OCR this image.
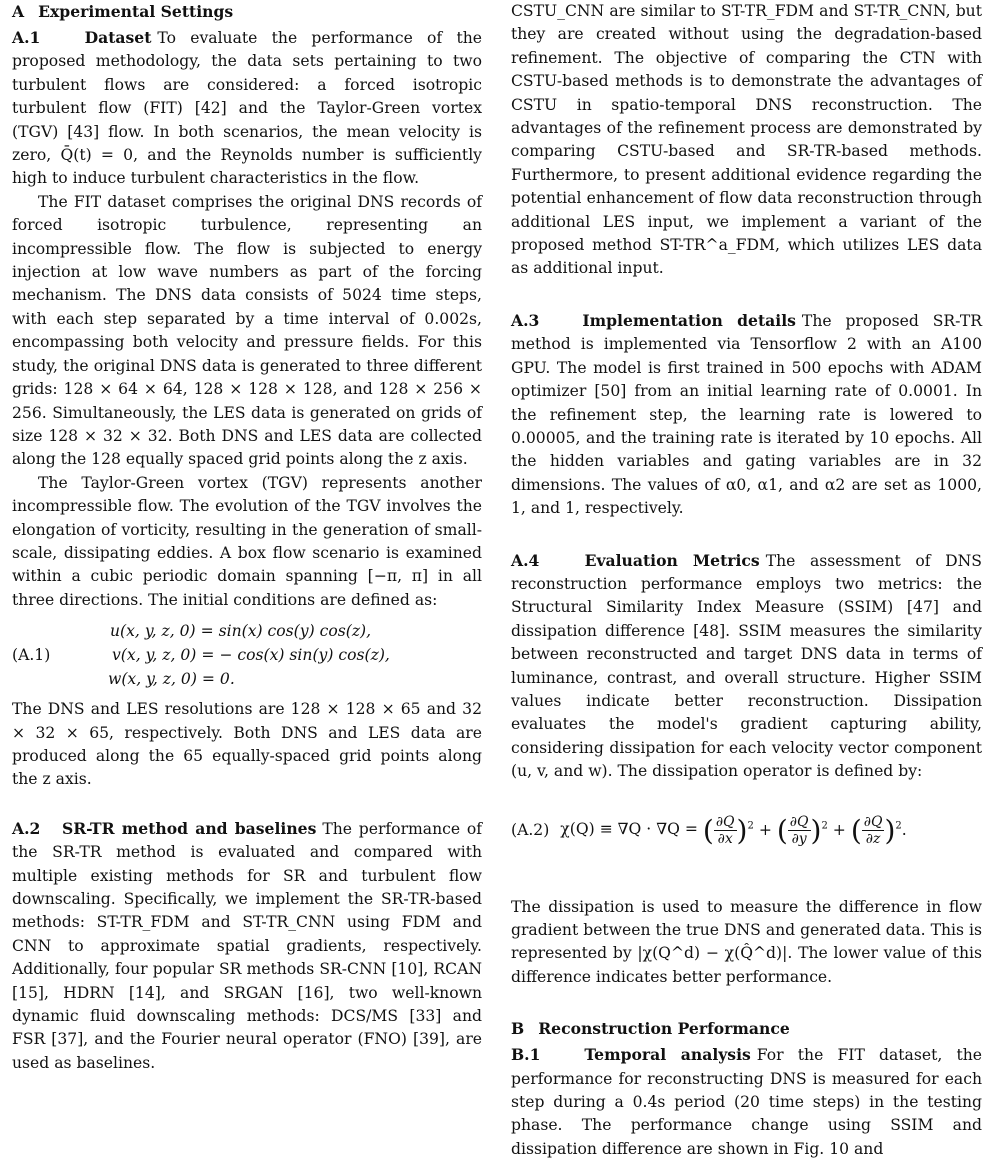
A Experimental Settings

A.1	Dataset To evaluate the performance of the proposed methodology, the data sets pertaining to two turbulent flows are considered: a forced isotropic turbulent flow (FIT) [42] and the Taylor-Green vortex (TGV) [43] flow. In both scenarios, the mean velocity is zero, Q̄(t) = 0, and the Reynolds number is sufficiently high to induce turbulent characteristics in the flow.

The FIT dataset comprises the original DNS records of forced isotropic turbulence, representing an incompressible flow. The flow is subjected to energy injection at low wave numbers as part of the forcing mechanism. The DNS data consists of 5024 time steps, with each step separated by a time interval of 0.002s, encompassing both velocity and pressure fields. For this study, the original DNS data is generated to three different grids: 128 × 64 × 64, 128 × 128 × 128, and 128 × 256 × 256. Simultaneously, the LES data is generated on grids of size 128 × 32 × 32. Both DNS and LES data are collected along the 128 equally spaced grid points along the z axis.

The Taylor-Green vortex (TGV) represents another incompressible flow. The evolution of the TGV involves the elongation of vorticity, resulting in the generation of small-scale, dissipating eddies. A box flow scenario is examined within a cubic periodic domain spanning [−π, π] in all three directions. The initial conditions are defined as:

(A.1)
u(x, y, z, 0) = sin(x) cos(y) cos(z),
v(x, y, z, 0) = − cos(x) sin(y) cos(z),
w(x, y, z, 0) = 0.

The DNS and LES resolutions are 128 × 128 × 65 and 32 × 32 × 65, respectively. Both DNS and LES data are produced along the 65 equally-spaced grid points along the z axis.

A.2 SR-TR method and baselines The performance of the SR-TR method is evaluated and compared with multiple existing methods for SR and turbulent flow downscaling. Specifically, we implement the SR-TR-based methods: ST-TR_FDM and ST-TR_CNN using FDM and CNN to approximate spatial gradients, respectively. Additionally, four popular SR methods SR-CNN [10], RCAN [15], HDRN [14], and SRGAN [16], two well-known dynamic fluid downscaling methods: DCS/MS [33] and FSR [37], and the Fourier neural operator (FNO) [39], are used as baselines.

CSTU_CNN are similar to ST-TR_FDM and ST-TR_CNN, but they are created without using the degradation-based refinement. The objective of comparing the CTN with CSTU-based methods is to demonstrate the advantages of CSTU in spatio-temporal DNS reconstruction. The advantages of the refinement process are demonstrated by comparing CSTU-based and SR-TR-based methods. Furthermore, to present additional evidence regarding the potential enhancement of flow data reconstruction through additional LES input, we implement a variant of the proposed method ST-TR^a_FDM, which utilizes LES data as additional input.

A.3	Implementation details The proposed SR-TR method is implemented via Tensorflow 2 with an A100 GPU. The model is first trained in 500 epochs with ADAM optimizer [50] from an initial learning rate of 0.0001. In the refinement step, the learning rate is lowered to 0.00005, and the training rate is iterated by 10 epochs. All the hidden variables and gating variables are in 32 dimensions. The values of α0, α1, and α2 are set as 1000, 1, and 1, respectively.

A.4	Evaluation Metrics The assessment of DNS reconstruction performance employs two metrics: the Structural Similarity Index Measure (SSIM) [47] and dissipation difference [48]. SSIM measures the similarity between reconstructed and target DNS data in terms of luminance, contrast, and overall structure. Higher SSIM values indicate better reconstruction. Dissipation evaluates the model's gradient capturing ability, considering dissipation for each velocity vector component (u, v, and w). The dissipation operator is defined by:

(A.2) χ(Q) ≡ ∇Q · ∇Q = ( $\frac{\partial Q}{\partial x} )^2$ + ( $\frac{\partial Q}{\partial y} )^2$ + ( $\frac{\partial Q}{\partial z} )^2$.

The dissipation is used to measure the difference in flow gradient between the true DNS and generated data. This is represented by |χ(Q^d) − χ(Q̂^d)|. The lower value of this difference indicates better performance.

B Reconstruction Performance

B.1	Temporal analysis For the FIT dataset, the performance for reconstructing DNS is measured for each step during a 0.4s period (20 time steps) in the testing phase. The performance change using SSIM and dissipation difference are shown in Fig. 10 and
